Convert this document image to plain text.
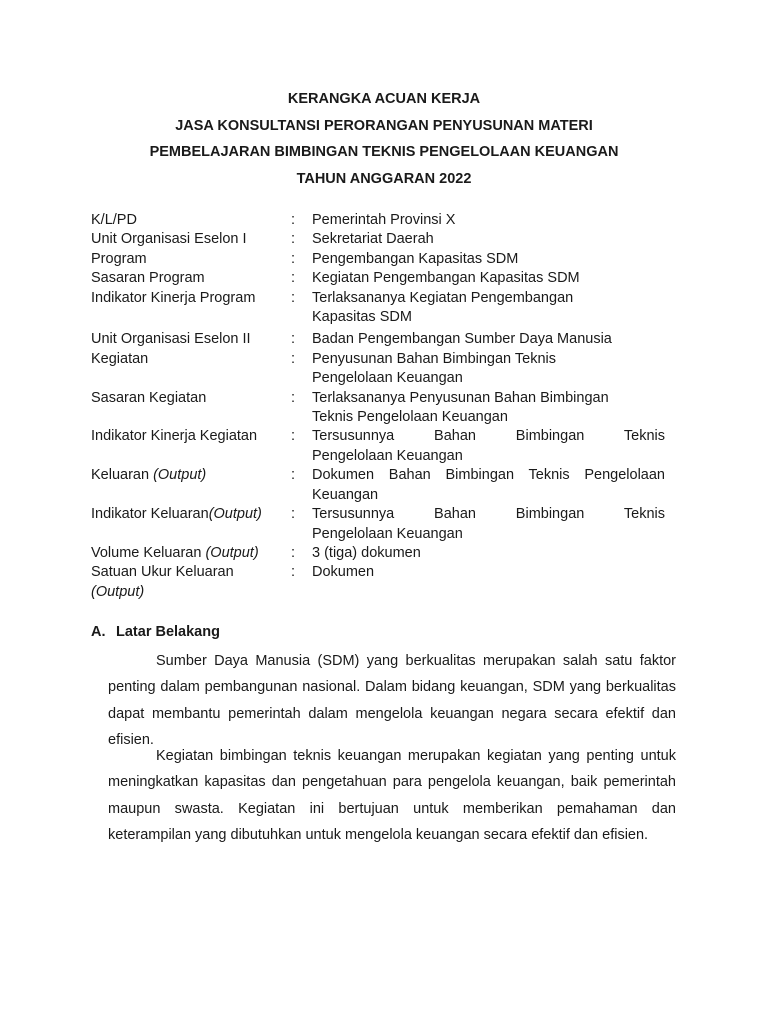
KERANGKA ACUAN KERJA
JASA KONSULTANSI PERORANGAN PENYUSUNAN MATERI
PEMBELAJARAN BIMBINGAN TEKNIS PENGELOLAAN KEUANGAN
TAHUN ANGGARAN 2022
K/L/PD	:	Pemerintah Provinsi X

Unit Organisasi Eselon I	:	Sekretariat Daerah

Program	:	Pengembangan Kapasitas SDM

Sasaran Program	:	Kegiatan Pengembangan Kapasitas SDM

Indikator Kinerja Program	:	Terlaksananya Kegiatan Pengembangan
Kapasitas SDM

Unit Organisasi Eselon II	:	Badan Pengembangan Sumber Daya Manusia

Kegiatan	:	Penyusunan Bahan Bimbingan Teknis
Pengelolaan Keuangan

Sasaran Kegiatan	:	Terlaksananya Penyusunan Bahan Bimbingan
Teknis Pengelolaan Keuangan

Indikator Kinerja Kegiatan	:	Tersusunnya Bahan Bimbingan Teknis
Pengelolaan Keuangan

Keluaran (Output)	:	Dokumen Bahan Bimbingan Teknis Pengelolaan
Keuangan

Indikator Keluaran(Output)	:	Tersusunnya Bahan Bimbingan Teknis
Pengelolaan Keuangan

Volume Keluaran (Output)	:	3 (tiga) dokumen

Satuan Ukur Keluaran
(Output)	:	Dokumen
A. Latar Belakang

Sumber Daya Manusia (SDM) yang berkualitas merupakan salah satu faktor penting dalam pembangunan nasional. Dalam bidang keuangan, SDM yang berkualitas dapat membantu pemerintah dalam mengelola keuangan negara secara efektif dan efisien.

Kegiatan bimbingan teknis keuangan merupakan kegiatan yang penting untuk meningkatkan kapasitas dan pengetahuan para pengelola keuangan, baik pemerintah maupun swasta. Kegiatan ini bertujuan untuk memberikan pemahaman dan keterampilan yang dibutuhkan untuk mengelola keuangan secara efektif dan efisien.
